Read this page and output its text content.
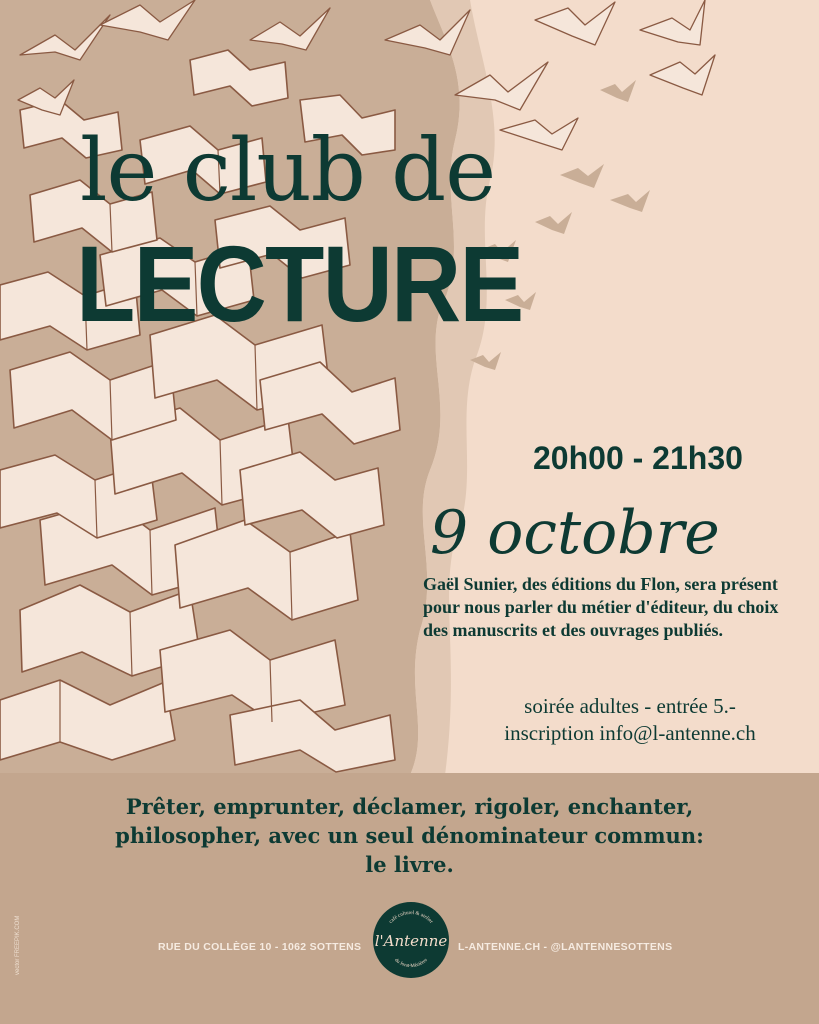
le club de
LECTURE
20h00 - 21h30
9 octobre
Gaël Sunier, des éditions du Flon, sera présent pour nous parler du métier d'éditeur, du choix des manuscrits et des ouvrages publiés.
soirée adultes - entrée 5.-
inscription info@l-antenne.ch
Prêter, emprunter, déclamer, rigoler, enchanter,
philosopher, avec un seul dénominateur commun:
le livre.
RUE DU COLLÈGE 10 - 1062 SOTTENS	L-ANTENNE.CH - @LANTENNESOTTENS
vector FREEPIK.COM	café culturel & atelier
du Jorat-Mézières
l'Antenne
